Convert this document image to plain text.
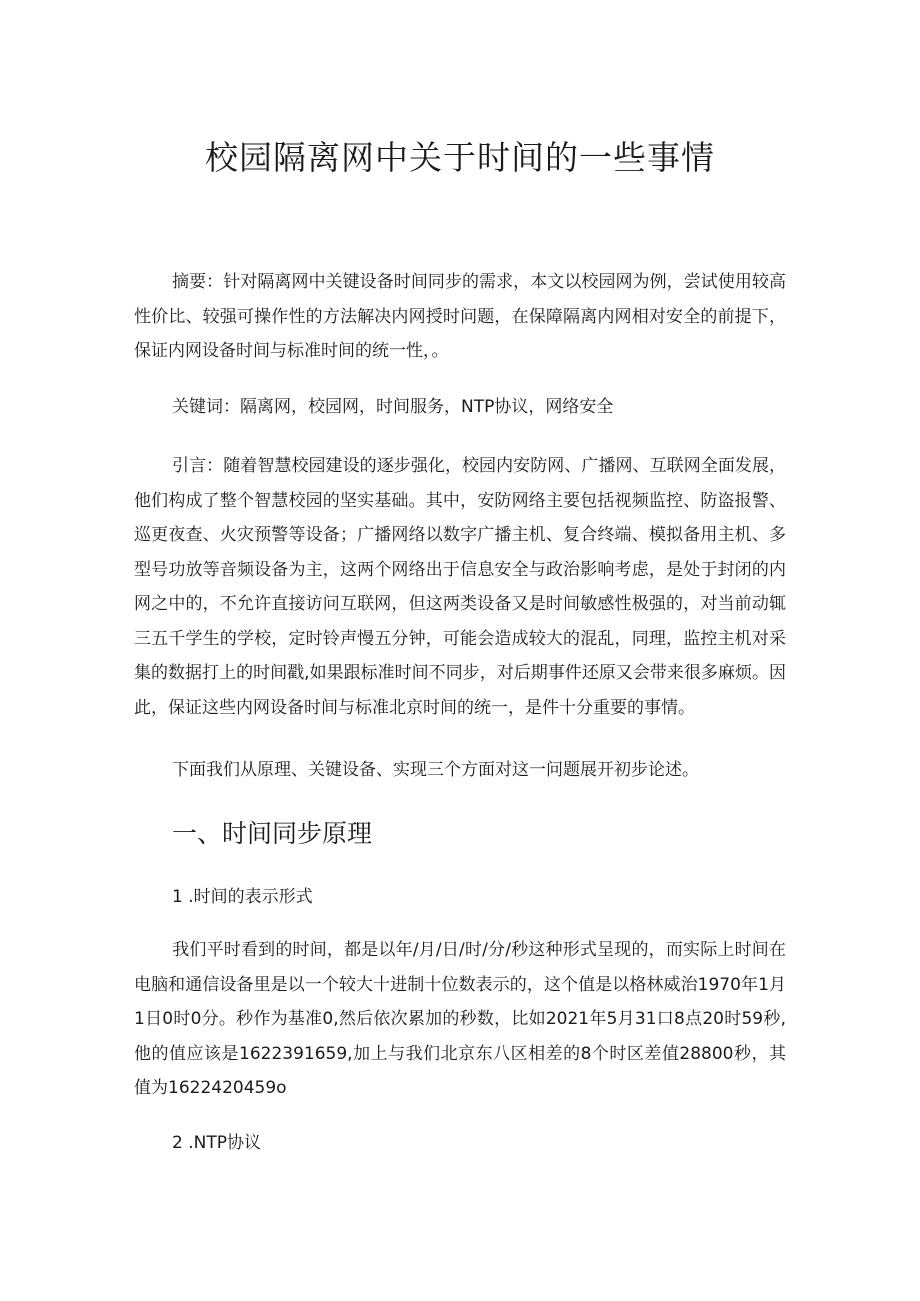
校园隔离网中关于时间的一些事情

摘要：针对隔离网中关键设备时间同步的需求，本文以校园网为例，尝试使用较高性价比、较强可操作性的方法解决内网授时问题，在保障隔离内网相对安全的前提下，保证内网设备时间与标准时间的统一性，。

关键词：隔离网，校园网，时间服务，NTP协议，网络安全

引言：随着智慧校园建设的逐步强化，校园内安防网、广播网、互联网全面发展，他们构成了整个智慧校园的坚实基础。其中，安防网络主要包括视频监控、防盗报警、巡更夜查、火灾预警等设备；广播网络以数字广播主机、复合终端、模拟备用主机、多型号功放等音频设备为主，这两个网络出于信息安全与政治影响考虑，是处于封闭的内网之中的，不允许直接访问互联网，但这两类设备又是时间敏感性极强的，对当前动辄三五千学生的学校，定时铃声慢五分钟，可能会造成较大的混乱，同理，监控主机对采集的数据打上的时间戳,如果跟标准时间不同步，对后期事件还原又会带来很多麻烦。因此，保证这些内网设备时间与标准北京时间的统一，是件十分重要的事情。

下面我们从原理、关键设备、实现三个方面对这一问题展开初步论述。

一、时间同步原理

1 .时间的表示形式

我们平时看到的时间，都是以年/月/日/时/分/秒这种形式呈现的，而实际上时间在电脑和通信设备里是以一个较大十进制十位数表示的，这个值是以格林威治1970年1月1日0时0分。秒作为基准0,然后依次累加的秒数，比如2021年5月31口8点20时59秒,他的值应该是1622391659,加上与我们北京东八区相差的8个时区差值28800秒，其值为1622420459o

2 .NTP协议
